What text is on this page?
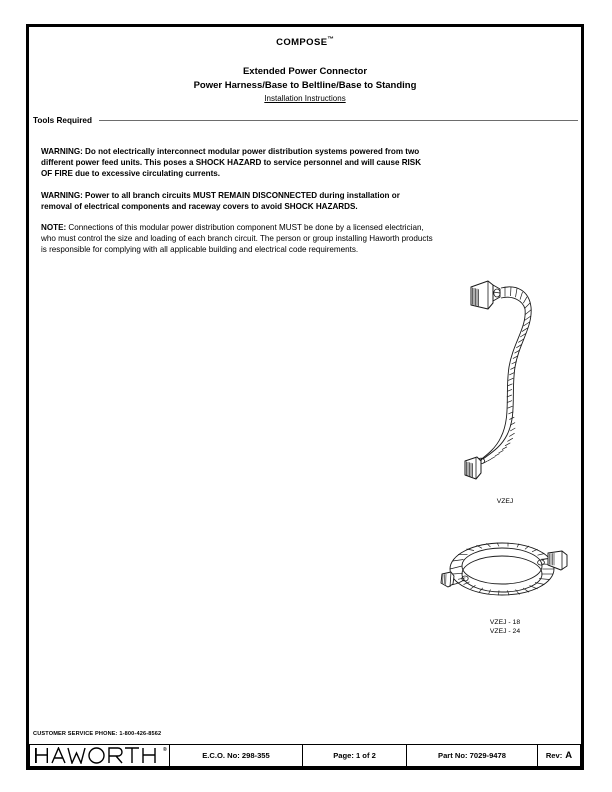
COMPOSE™
Extended Power Connector
Power Harness/Base to Beltline/Base to Standing
Installation Instructions
Tools Required
WARNING: Do not electrically interconnect modular power distribution systems powered from two different power feed units. This poses a SHOCK HAZARD to service personnel and will cause RISK OF FIRE due to excessive circulating currents.
WARNING: Power to all branch circuits MUST REMAIN DISCONNECTED during installation or removal of electrical components and raceway covers to avoid SHOCK HAZARDS.
NOTE: Connections of this modular power distribution component MUST be done by a licensed electrician, who must control the size and loading of each branch circuit. The person or group installing Haworth products is responsible for complying with all applicable building and electrical code requirements.
VZEJ
VZEJ - 18
VZEJ - 24
CUSTOMER SERVICE PHONE: 1-800-426-8562
®
E.C.O. No: 298-355	Page: 1 of 2	Part No: 7029-9478	Rev: A
